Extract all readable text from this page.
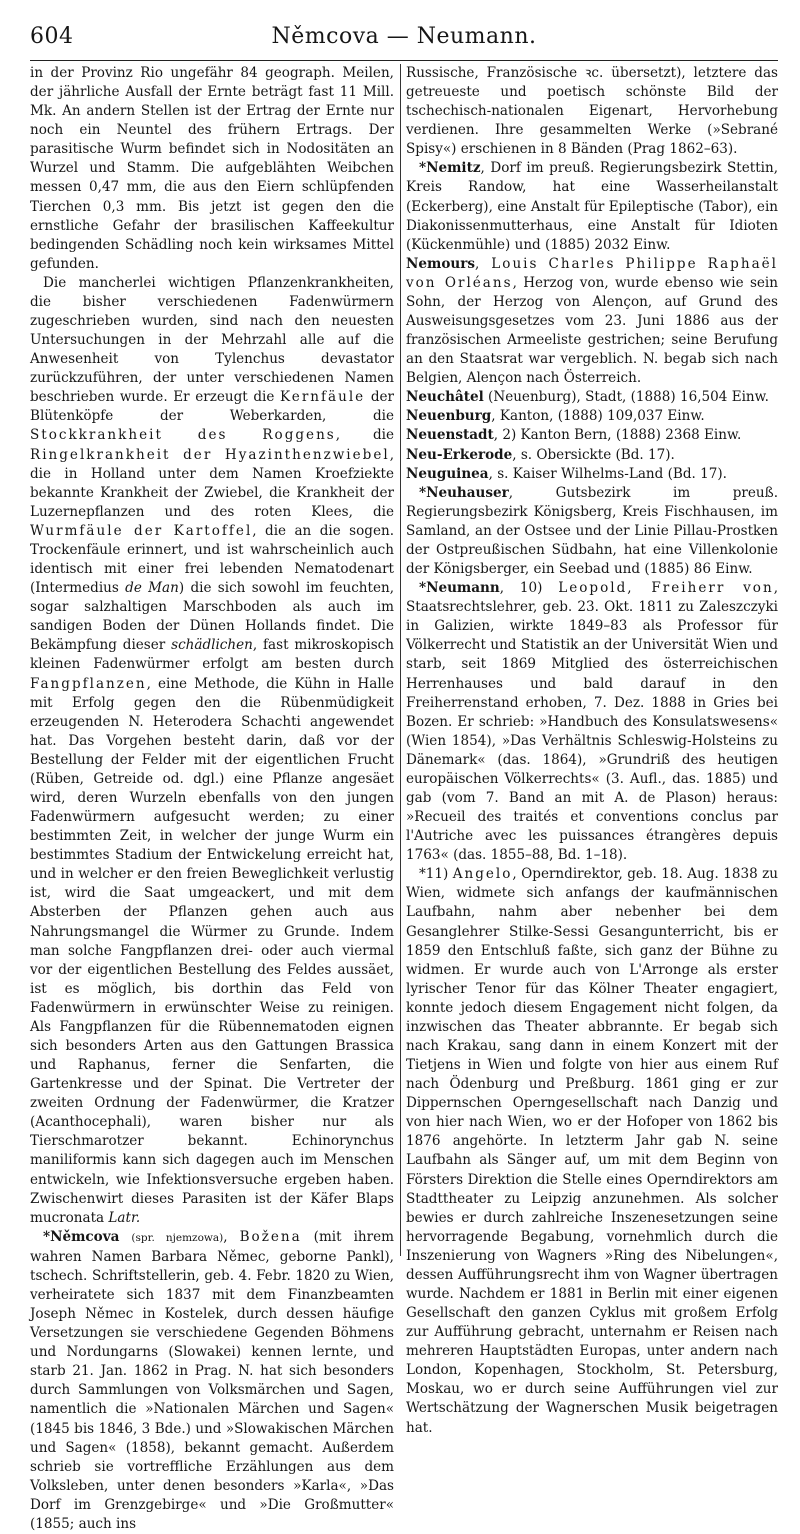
604	Němcova — Neumann.

in der Provinz Rio ungefähr 84 geograph. Meilen, der jährliche Ausfall der Ernte beträgt fast 11 Mill. Mk. An andern Stellen ist der Ertrag der Ernte nur noch ein Neuntel des frühern Ertrags. Der parasitische Wurm befindet sich in Nodositäten an Wurzel und Stamm. Die aufgeblähten Weibchen messen 0,47 mm, die aus den Eiern schlüpfenden Tierchen 0,3 mm. Bis jetzt ist gegen den die ernstliche Gefahr der brasilischen Kaffeekultur bedingenden Schädling noch kein wirksames Mittel gefunden.

Die mancherlei wichtigen Pflanzenkrankheiten, die bisher verschiedenen Fadenwürmern zugeschrieben wurden, sind nach den neuesten Untersuchungen in der Mehrzahl alle auf die Anwesenheit von Tylenchus devastator zurückzuführen, der unter verschiedenen Namen beschrieben wurde. Er erzeugt die Kernfäule der Blütenköpfe der Weberkarden, die Stockkrankheit des Roggens, die Ringelkrankheit der Hyazinthenzwiebel, die in Holland unter dem Namen Kroefziekte bekannte Krankheit der Zwiebel, die Krankheit der Luzernepflanzen und des roten Klees, die Wurmfäule der Kartoffel, die an die sogen. Trockenfäule erinnert, und ist wahrscheinlich auch identisch mit einer frei lebenden Nematodenart (Intermedius de Man) die sich sowohl im feuchten, sogar salzhaltigen Marschboden als auch im sandigen Boden der Dünen Hollands findet. Die Bekämpfung dieser schädlichen, fast mikroskopisch kleinen Fadenwürmer erfolgt am besten durch Fangpflanzen, eine Methode, die Kühn in Halle mit Erfolg gegen den die Rübenmüdigkeit erzeugenden N. Heterodera Schachti angewendet hat. Das Vorgehen besteht darin, daß vor der Bestellung der Felder mit der eigentlichen Frucht (Rüben, Getreide od. dgl.) eine Pflanze angesäet wird, deren Wurzeln ebenfalls von den jungen Fadenwürmern aufgesucht werden; zu einer bestimmten Zeit, in welcher der junge Wurm ein bestimmtes Stadium der Entwickelung erreicht hat, und in welcher er den freien Beweglichkeit verlustig ist, wird die Saat umgeackert, und mit dem Absterben der Pflanzen gehen auch aus Nahrungsmangel die Würmer zu Grunde. Indem man solche Fangpflanzen drei- oder auch viermal vor der eigentlichen Bestellung des Feldes aussäet, ist es möglich, bis dorthin das Feld von Fadenwürmern in erwünschter Weise zu reinigen. Als Fangpflanzen für die Rübennematoden eignen sich besonders Arten aus den Gattungen Brassica und Raphanus, ferner die Senfarten, die Gartenkresse und der Spinat. Die Vertreter der zweiten Ordnung der Fadenwürmer, die Kratzer (Acanthocephali), waren bisher nur als Tierschmarotzer bekannt. Echinorynchus maniliformis kann sich dagegen auch im Menschen entwickeln, wie Infektionsversuche ergeben haben. Zwischenwirt dieses Parasiten ist der Käfer Blaps mucronata Latr.

*Němcova (spr. njemzowa), Božena (mit ihrem wahren Namen Barbara Němec, geborne Pankl), tschech. Schriftstellerin, geb. 4. Febr. 1820 zu Wien, verheiratete sich 1837 mit dem Finanzbeamten Joseph Němec in Kostelek, durch dessen häufige Versetzungen sie verschiedene Gegenden Böhmens und Nordungarns (Slowakei) kennen lernte, und starb 21. Jan. 1862 in Prag. N. hat sich besonders durch Sammlungen von Volksmärchen und Sagen, namentlich die »Nationalen Märchen und Sagen« (1845 bis 1846, 3 Bde.) und »Slowakischen Märchen und Sagen« (1858), bekannt gemacht. Außerdem schrieb sie vortreffliche Erzählungen aus dem Volksleben, unter denen besonders »Karla«, »Das Dorf im Grenzgebirge« und »Die Großmutter« (1855; auch ins

Russische, Französische ꝛc. übersetzt), letztere das getreueste und poetisch schönste Bild der tschechisch-nationalen Eigenart, Hervorhebung verdienen. Ihre gesammelten Werke (»Sebrané Spisy«) erschienen in 8 Bänden (Prag 1862–63).

*Nemitz, Dorf im preuß. Regierungsbezirk Stettin, Kreis Randow, hat eine Wasserheilanstalt (Eckerberg), eine Anstalt für Epileptische (Tabor), ein Diakonissenmutterhaus, eine Anstalt für Idioten (Kückenmühle) und (1885) 2032 Einw.

Nemours, Louis Charles Philippe Raphaël von Orléans, Herzog von, wurde ebenso wie sein Sohn, der Herzog von Alençon, auf Grund des Ausweisungsgesetzes vom 23. Juni 1886 aus der französischen Armeeliste gestrichen; seine Berufung an den Staatsrat war vergeblich. N. begab sich nach Belgien, Alençon nach Österreich.

Neuchâtel (Neuenburg), Stadt, (1888) 16,504 Einw.

Neuenburg, Kanton, (1888) 109,037 Einw.

Neuenstadt, 2) Kanton Bern, (1888) 2368 Einw.

Neu-Erkerode, s. Obersickte (Bd. 17).

Neuguinea, s. Kaiser Wilhelms-Land (Bd. 17).

*Neuhauser, Gutsbezirk im preuß. Regierungsbezirk Königsberg, Kreis Fischhausen, im Samland, an der Ostsee und der Linie Pillau-Prostken der Ostpreußischen Südbahn, hat eine Villenkolonie der Königsberger, ein Seebad und (1885) 86 Einw.

*Neumann, 10) Leopold, Freiherr von, Staatsrechtslehrer, geb. 23. Okt. 1811 zu Zaleszczyki in Galizien, wirkte 1849–83 als Professor für Völkerrecht und Statistik an der Universität Wien und starb, seit 1869 Mitglied des österreichischen Herrenhauses und bald darauf in den Freiherrenstand erhoben, 7. Dez. 1888 in Gries bei Bozen. Er schrieb: »Handbuch des Konsulatswesens« (Wien 1854), »Das Verhältnis Schleswig-Holsteins zu Dänemark« (das. 1864), »Grundriß des heutigen europäischen Völkerrechts« (3. Aufl., das. 1885) und gab (vom 7. Band an mit A. de Plason) heraus: »Recueil des traités et conventions conclus par l'Autriche avec les puissances étrangères depuis 1763« (das. 1855–88, Bd. 1–18).

*11) Angelo, Operndirektor, geb. 18. Aug. 1838 zu Wien, widmete sich anfangs der kaufmännischen Laufbahn, nahm aber nebenher bei dem Gesanglehrer Stilke-Sessi Gesangunterricht, bis er 1859 den Entschluß faßte, sich ganz der Bühne zu widmen. Er wurde auch von L'Arronge als erster lyrischer Tenor für das Kölner Theater engagiert, konnte jedoch diesem Engagement nicht folgen, da inzwischen das Theater abbrannte. Er begab sich nach Krakau, sang dann in einem Konzert mit der Tietjens in Wien und folgte von hier aus einem Ruf nach Ödenburg und Preßburg. 1861 ging er zur Dippernschen Operngesellschaft nach Danzig und von hier nach Wien, wo er der Hofoper von 1862 bis 1876 angehörte. In letzterm Jahr gab N. seine Laufbahn als Sänger auf, um mit dem Beginn von Försters Direktion die Stelle eines Operndirektors am Stadttheater zu Leipzig anzunehmen. Als solcher bewies er durch zahlreiche Inszenesetzungen seine hervorragende Begabung, vornehmlich durch die Inszenierung von Wagners »Ring des Nibelungen«, dessen Aufführungsrecht ihm von Wagner übertragen wurde. Nachdem er 1881 in Berlin mit einer eigenen Gesellschaft den ganzen Cyklus mit großem Erfolg zur Aufführung gebracht, unternahm er Reisen nach mehreren Hauptstädten Europas, unter andern nach London, Kopenhagen, Stockholm, St. Petersburg, Moskau, wo er durch seine Aufführungen viel zur Wertschätzung der Wagnerschen Musik beigetragen hat.
